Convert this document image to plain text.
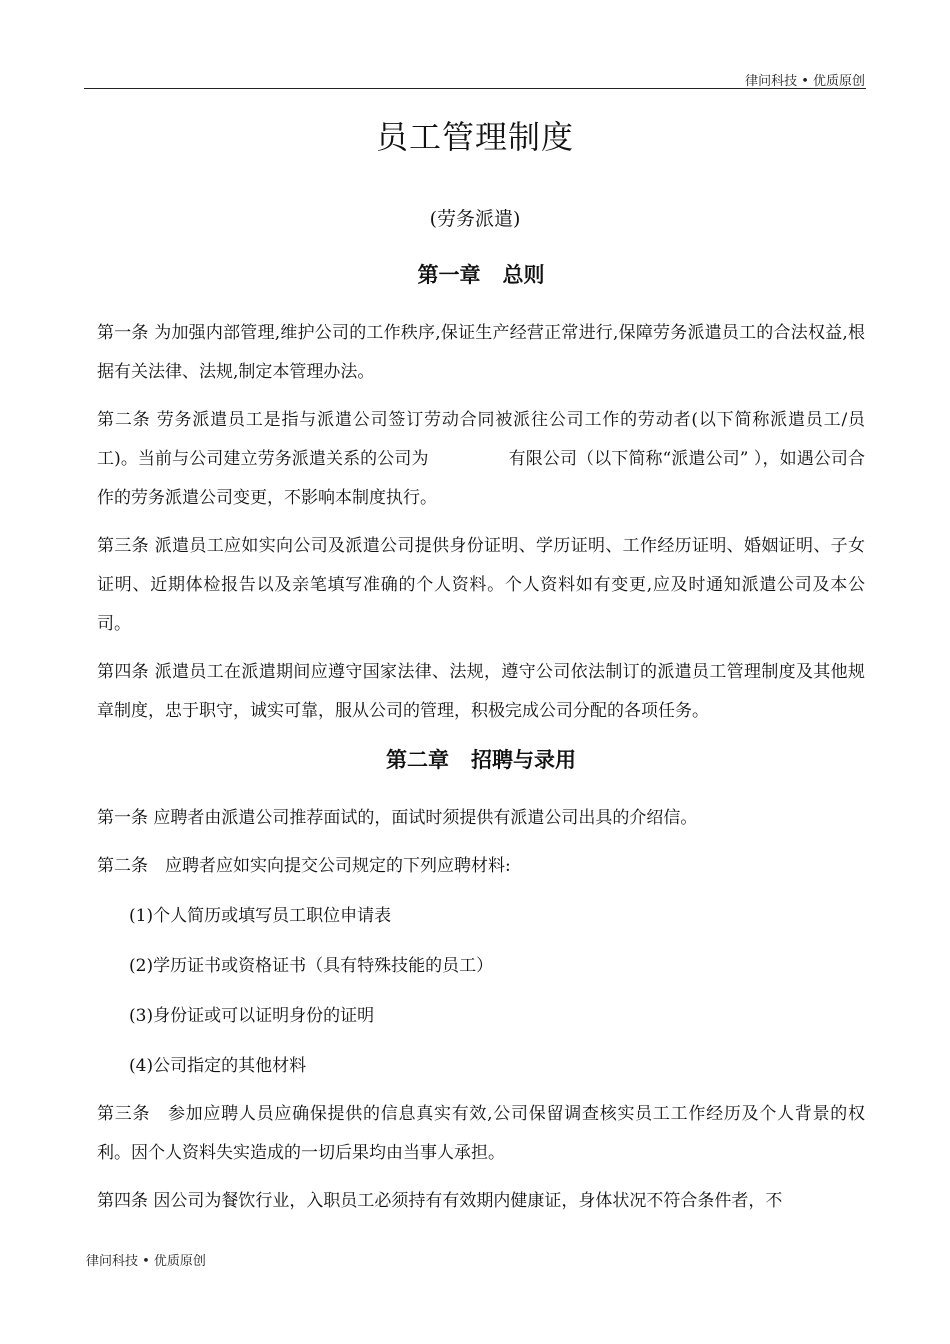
律问科技 • 优质原创
员工管理制度
(劳务派遣)
第一章 总则

第一条 为加强内部管理,维护公司的工作秩序,保证生产经营正常进行,保障劳务派遣员工的合法权益,根据有关法律、法规,制定本管理办法。

第二条 劳务派遣员工是指与派遣公司签订劳动合同被派往公司工作的劳动者(以下简称派遣员工/员工)。当前与公司建立劳务派遣关系的公司为	有限公司（以下简称“派遣公司” ），如遇公司合作的劳务派遣公司变更，不影响本制度执行。

第三条 派遣员工应如实向公司及派遣公司提供身份证明、学历证明、工作经历证明、婚姻证明、子女证明、近期体检报告以及亲笔填写准确的个人资料。个人资料如有变更,应及时通知派遣公司及本公司。

第四条 派遣员工在派遣期间应遵守国家法律、法规，遵守公司依法制订的派遣员工管理制度及其他规章制度，忠于职守，诚实可靠，服从公司的管理，积极完成公司分配的各项任务。

第二章 招聘与录用

第一条 应聘者由派遣公司推荐面试的，面试时须提供有派遣公司出具的介绍信。

第二条　应聘者应如实向提交公司规定的下列应聘材料:

(1)个人简历或填写员工职位申请表

(2)学历证书或资格证书（具有特殊技能的员工）

(3)身份证或可以证明身份的证明

(4)公司指定的其他材料

第三条　参加应聘人员应确保提供的信息真实有效,公司保留调查核实员工工作经历及个人背景的权利。因个人资料失实造成的一切后果均由当事人承担。

第四条 因公司为餐饮行业，入职员工必须持有有效期内健康证，身体状况不符合条件者，不

律问科技 • 优质原创
